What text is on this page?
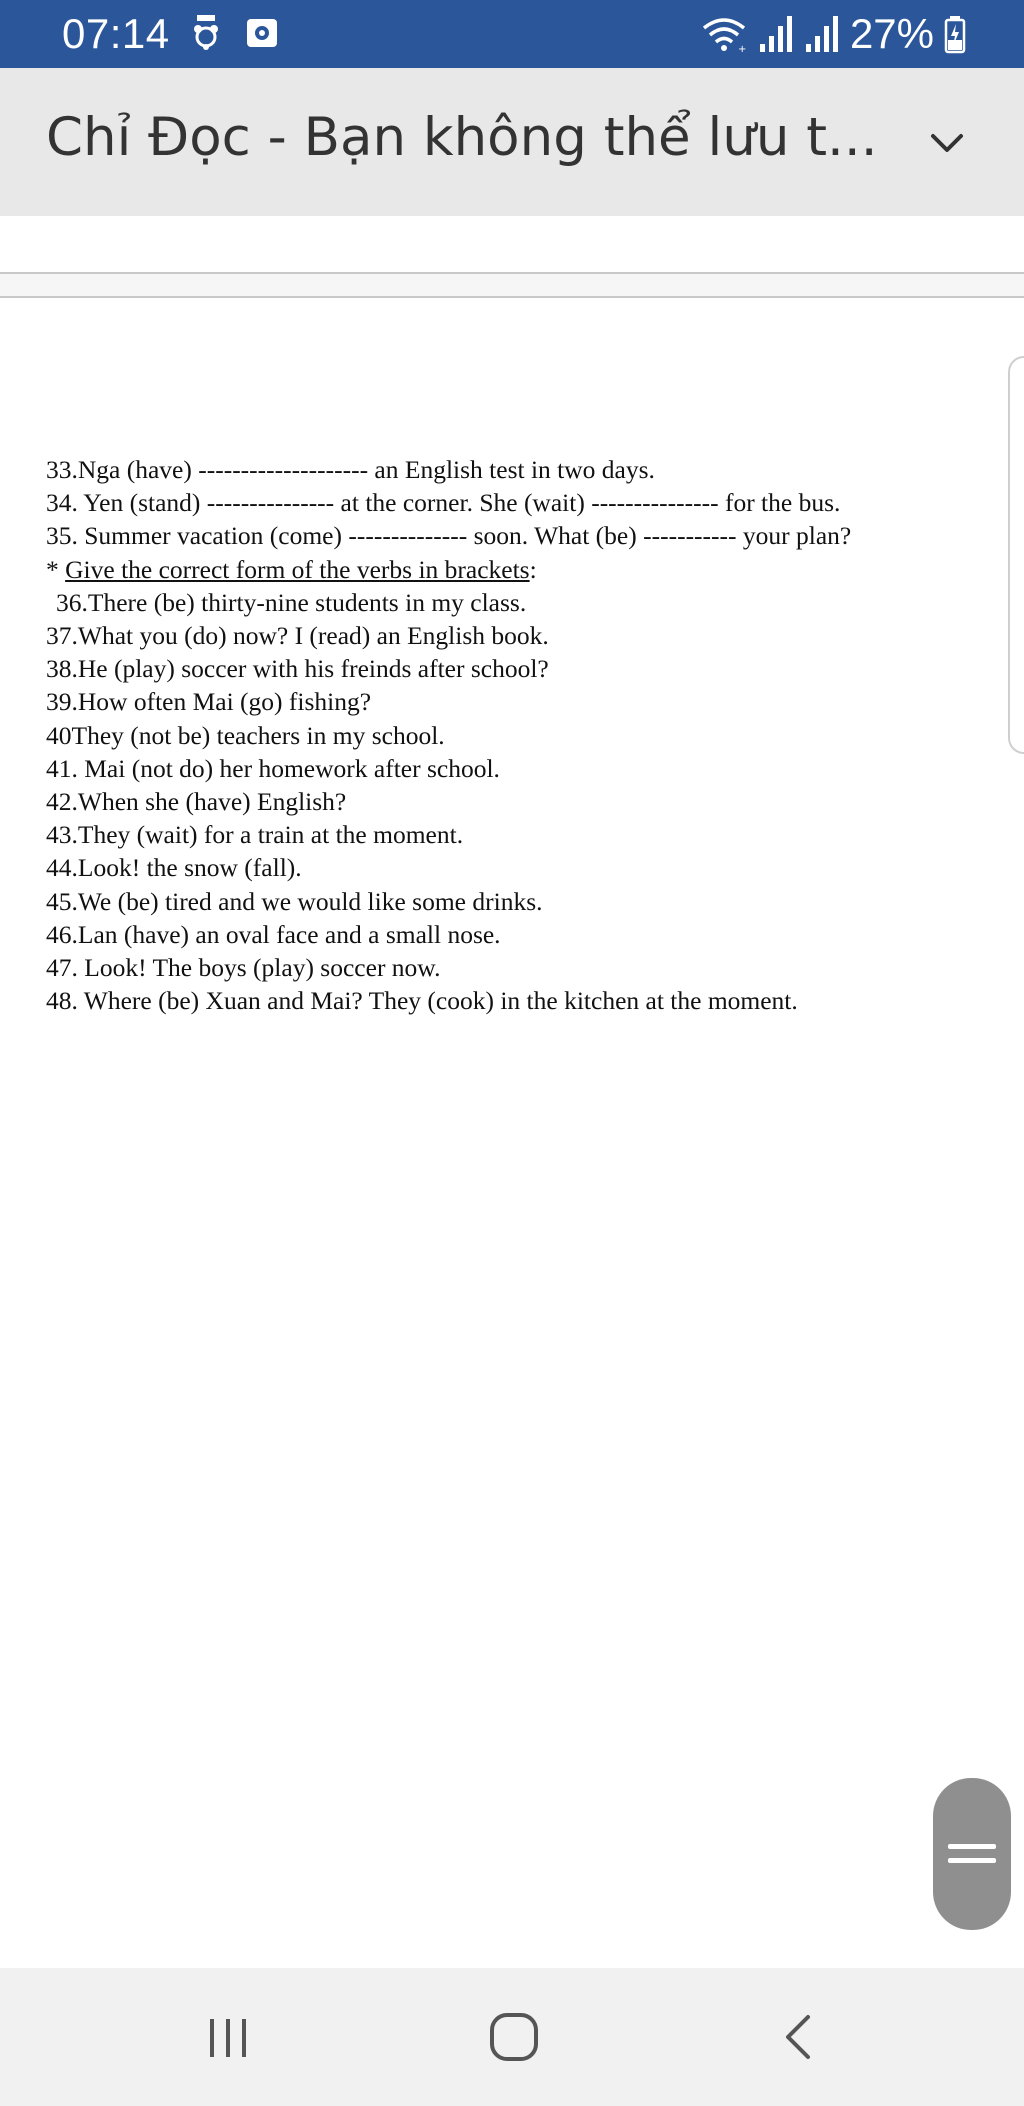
07:14	+ 27%
Chỉ Đọc - Bạn không thể lưu t...
33.Nga (have) -------------------- an English test in two days.
34. Yen (stand) --------------- at the corner. She (wait) --------------- for the bus.
35. Summer vacation (come) -------------- soon. What (be) ----------- your plan?
* Give the correct form of the verbs in brackets:
36.There (be) thirty-nine students in my class.
37.What you (do) now? I (read) an English book.
38.He (play) soccer with his freinds after school?
39.How often Mai (go) fishing?
40They (not be) teachers in my school.
41. Mai (not do) her homework after school.
42.When she (have) English?
43.They (wait) for a train at the moment.
44.Look! the snow (fall).
45.We (be) tired and we would like some drinks.
46.Lan (have) an oval face and a small nose.
47. Look! The boys (play) soccer now.
48. Where (be) Xuan and Mai? They (cook) in the kitchen at the moment.
